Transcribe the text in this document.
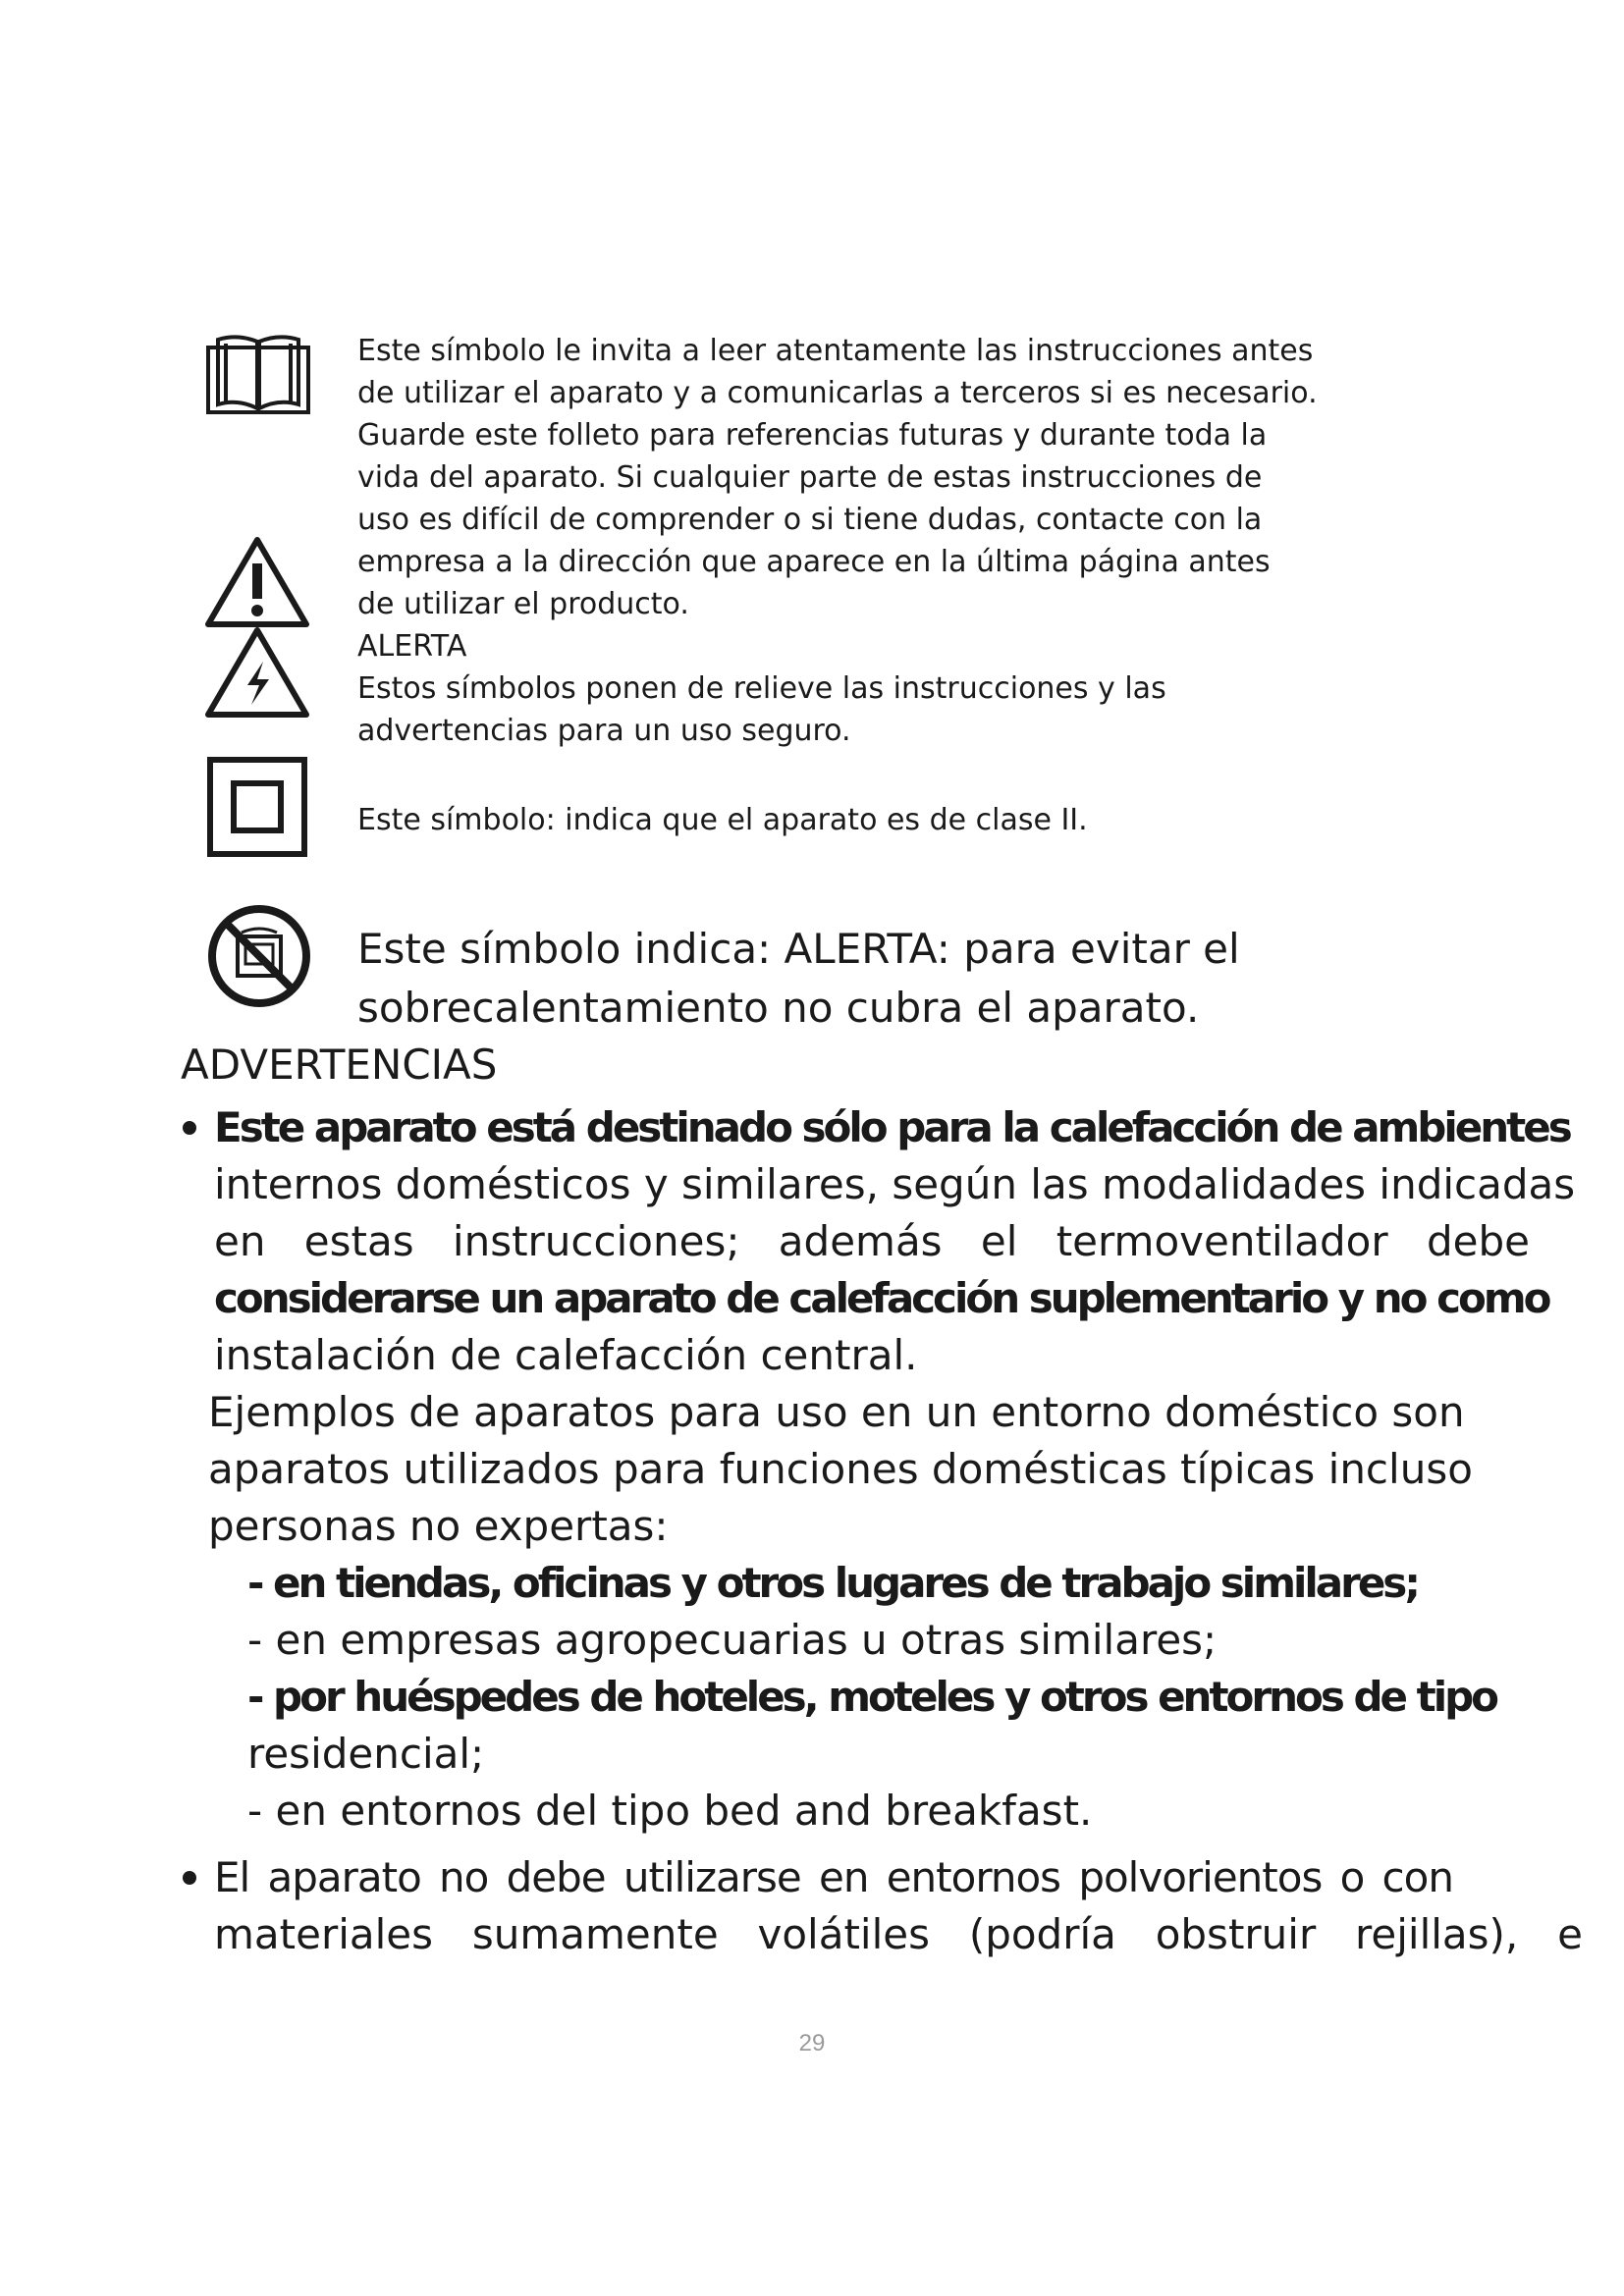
Este símbolo le invita a leer atentamente las instrucciones antes
de utilizar el aparato y a comunicarlas a terceros si es necesario.
Guarde este folleto para referencias futuras y durante toda la
vida del aparato. Si cualquier parte de estas instrucciones de
uso es difícil de comprender o si tiene dudas, contacte con la
empresa a la dirección que aparece en la última página antes
de utilizar el producto.
ALERTA
Estos símbolos ponen de relieve las instrucciones y las
advertencias para un uso seguro.
Este símbolo: indica que el aparato es de clase II.
Este símbolo indica: ALERTA: para evitar el
sobrecalentamiento no cubra el aparato.
ADVERTENCIAS
Este aparato está destinado sólo para la calefacción de ambientes
internos domésticos y similares, según las modalidades indicadas
en estas instrucciones; además el termoventilador debe
considerarse un aparato de calefacción suplementario y no como
instalación de calefacción central.
Ejemplos de aparatos para uso en un entorno doméstico son
aparatos utilizados para funciones domésticas típicas incluso
personas no expertas:
- en tiendas, oficinas y otros lugares de trabajo similares;
- en empresas agropecuarias u otras similares;
- por huéspedes de hoteles, moteles y otros entornos de tipo
residencial;
- en entornos del tipo bed and breakfast.
El aparato no debe utilizarse en entornos polvorientos o con
materiales sumamente volátiles (podría obstruir rejillas), e
29
